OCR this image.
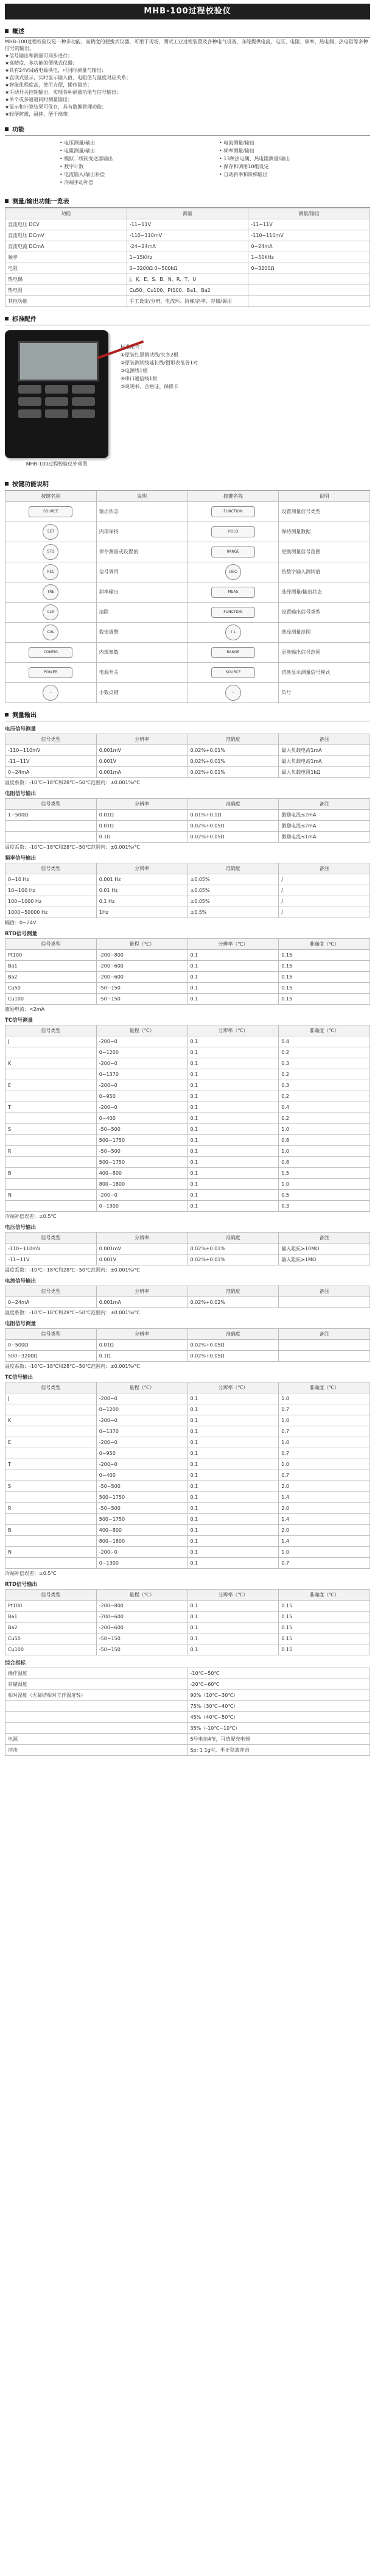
MHB-100过程校验仪
概述

MHB-100过程校验仪是一种多功能、高精度的便携式仪器，可用于现场、测试工业过程装置及各种电气设备，亦能提供电流、电压、电阻、频率、热电偶、热电阻等多种信号的输出。

★信号输出和测量可同步进行；

★高精度、多功能的便携式仪器；

★具有24V回路电源供电，可同时测量与输出；

★直读式显示，实时显示输入值、电阻值与温度对应关系；

★智能化程度高，使用方便，操作简单；

★手动开关控制输出，实现各种测量功能与信号输出；

★单个或多通道同时测量输出；

★显示和计算结果可保存，具有数据管理功能；

★轻便防震，耐摔，便于携带。

功能
• 电压测量/输出	• 电流测量/输出
• 电阻测量/输出	• 频率测量/输出
• 模拟二线制变送器输出	• 13种热电偶、热电阻测量/输出
• 数字计数	• 保存和调用10组设定
• 电流输入/输出补偿	• 自动斜率和阶梯输出
• 冷端手动补偿
测量/输出功能一览表
功能	测量	测量/输出
直流电压 DCV	-11~11V	-11~11V
直流电压 DCmV	-110~110mV	-110~110mV
直流电流 DCmA	-24~24mA	0~24mA
频率	1~15KHz	1~50KHz
电阻	0~3200Ω 0~500kΩ	0~3200Ω
热电偶	J、K、E、S、B、N、R、T、U	
热电阻	Cu50、Cu100、Pt100、Ba1、Ba2	
其他功能	手工设定/分辨、电流环、阶梯/斜率、存储/调用	
标准配件
MHB-100过程校验仪外观图

标准配件：

①原装红黑测试线/夹各2根

②原装测试线延长线/钳形表笔各1对

③电源线1根

④串口通信线1根

⑤说明书、合格证、保修卡

按键功能说明
按键名称	说明	按键名称	说明
SOURCE	输出状态	FUNCTION	设置测量信号类型
SET	内部保持	HOLD	保持测量数据
STO	保存测量或设置值	RANGE	更换测量信号范围
REC	信号调用	DEC	按数字输入测试值
TRE	斜率输出	MEAS	选择测量/输出状态
CLR	清除	FUNCTION	设置输出信号类型
CAL	数值调整	↑↓	选择测量范围
CONFIG	内部参数	RANGE	更换输出信号范围
POWER	电源开关	SOURCE	切换显示测量信号模式
-	小数点键	-	负号
测量输出
电压信号测量
信号类型	分辨率	准确度	备注
-110~110mV	0.001mV	0.02%+0.01%	最大负载电流1mA
-11~11V	0.001V	0.02%+0.01%	最大负载电流1mA
0~24mA	0.001mA	0.02%+0.01%	最大负载电阻1kΩ
温度系数：-10℃~18℃和28℃~50℃范围内：±0.001%/℃
电阻信号输出
信号类型	分辨率	准确度	备注
1~500Ω	0.01Ω	0.01%+0.1Ω	激励电流≤2mA
	0.01Ω	0.02%+0.05Ω	激励电流≤2mA
	0.1Ω	0.02%+0.05Ω	激励电流≤1mA
温度系数：-10℃~18℃和28℃~50℃范围内：±0.001%/℃
频率信号输出
信号类型	分辨率	准确度	备注
0~10 Hz	0.001 Hz	±0.05%	/
10~100 Hz	0.01 Hz	±0.05%	/
100~1000 Hz	0.1 Hz	±0.05%	/
1000~50000 Hz	1Hz	±0.5%	/
幅值：0~24V
RTD信号测量
信号类型	量程（℃）	分辨率（℃）	准确度（℃）
Pt100	-200~800	0.1	0.15
Ba1	-200~600	0.1	0.15
Ba2	-200~600	0.1	0.15
Cu50	-50~150	0.1	0.15
Cu100	-50~150	0.1	0.15
激励电流：<2mA
TC信号测量
信号类型	量程（℃）	分辨率（℃）	准确度（℃）
J	-200~0	0.1	0.4
	0~1200	0.1	0.2
K	-200~0	0.1	0.3
	0~1370	0.1	0.2
E	-200~0	0.1	0.3
	0~950	0.1	0.2
T	-200~0	0.1	0.4
	0~400	0.1	0.2
S	-50~500	0.1	1.0
	500~1750	0.1	0.8
R	-50~500	0.1	1.0
	500~1750	0.1	0.8
B	400~800	0.1	1.5
	800~1800	0.1	1.0
N	-200~0	0.1	0.5
	0~1300	0.1	0.3
冷端补偿误差：±0.5℃
电压信号输出
信号类型	分辨率	准确度	备注
-110~110mV	0.001mV	0.02%+0.01%	输入阻抗≥10MΩ
-11~11V	0.001V	0.02%+0.01%	输入阻抗≥1MΩ
温度系数：-10℃~18℃和28℃~50℃范围内：±0.001%/℃
电流信号输出
信号类型	分辨率	准确度	备注
0~24mA	0.001mA	0.02%+0.02%	
温度系数：-10℃~18℃和28℃~50℃范围内：±0.001%/℃
电阻信号测量
信号类型	分辨率	准确度	备注
0~500Ω	0.01Ω	0.02%+0.05Ω	
500~3200Ω	0.1Ω	0.02%+0.05Ω	
温度系数：-10℃~18℃和28℃~50℃范围内：±0.001%/℃
TC信号输出
信号类型	量程（℃）	分辨率（℃）	准确度（℃）
J	-200~0	0.1	1.0
	0~1200	0.1	0.7
K	-200~0	0.1	1.0
	0~1370	0.1	0.7
E	-200~0	0.1	1.0
	0~950	0.1	0.7
T	-200~0	0.1	1.0
	0~400	0.1	0.7
S	-50~500	0.1	2.0
	500~1750	0.1	1.4
R	-50~500	0.1	2.0
	500~1750	0.1	1.4
B	400~800	0.1	2.0
	800~1800	0.1	1.4
N	-200~0	0.1	1.0
	0~1300	0.1	0.7
冷端补偿误差：±0.5℃
RTD信号输出
信号类型	量程（℃）	分辨率（℃）	准确度（℃）
Pt100	-200~800	0.1	0.15
Ba1	-200~600	0.1	0.15
Ba2	-200~600	0.1	0.15
Cu50	-50~150	0.1	0.15
Cu100	-50~150	0.1	0.15
综合指标
操作温度	-10℃~50℃
存储温度	-20℃~60℃
相对湿度（无凝结相对工作温度%）	90%（10℃~30℃）
	75%（30℃~40℃）
	45%（40℃~50℃）
	35%（-10℃~10℃）
电源	5号电池4节，可选配充电器
冲击	Sp: 1 1g时，半正弦波冲击
